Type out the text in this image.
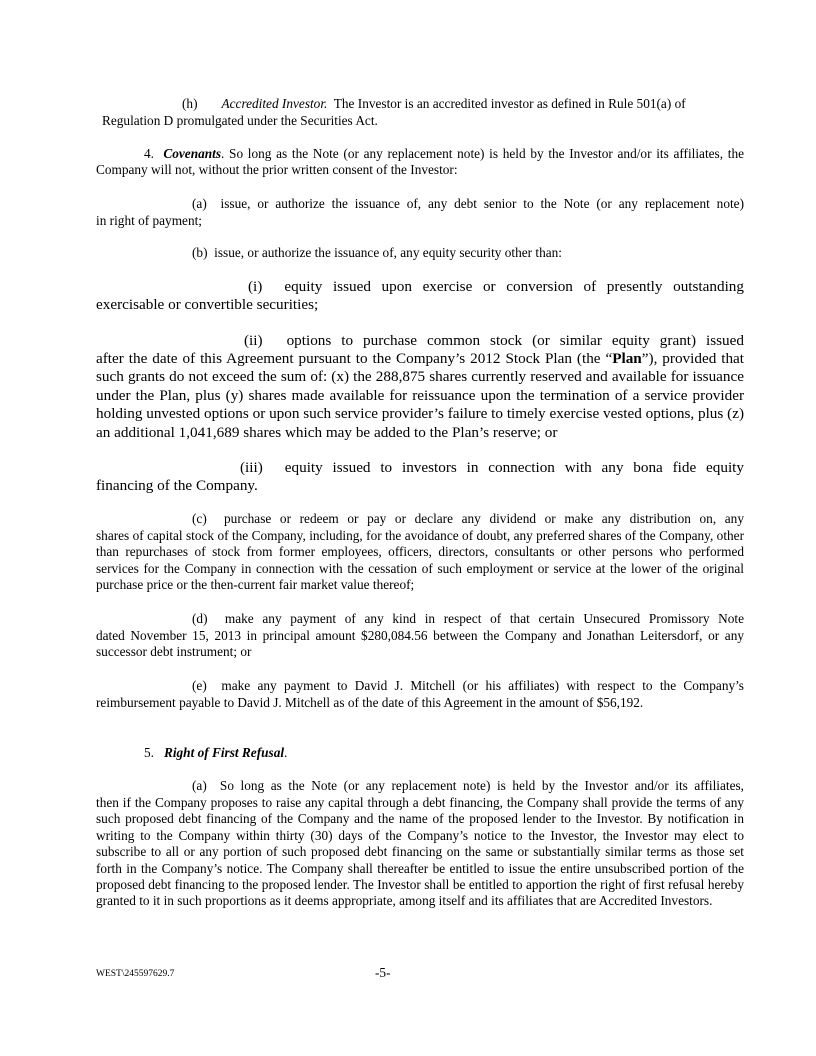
(h) Accredited Investor. The Investor is an accredited investor as defined in Rule 501(a) of
Regulation D promulgated under the Securities Act.
4. Covenants. So long as the Note (or any replacement note) is held by the Investor and/or its affiliates, the Company will not, without the prior written consent of the Investor:
(a) issue, or authorize the issuance of, any debt senior to the Note (or any replacement note)
in right of payment;
(b) issue, or authorize the issuance of, any equity security other than:
(i) equity issued upon exercise or conversion of presently outstanding
exercisable or convertible securities;
(ii) options to purchase common stock (or similar equity grant) issued
after the date of this Agreement pursuant to the Company’s 2012 Stock Plan (the “Plan”), provided that such grants do not exceed the sum of: (x) the 288,875 shares currently reserved and available for issuance under the Plan, plus (y) shares made available for reissuance upon the termination of a service provider holding unvested options or upon such service provider’s failure to timely exercise vested options, plus (z) an additional 1,041,689 shares which may be added to the Plan’s reserve; or
(iii) equity issued to investors in connection with any bona fide equity
financing of the Company.
(c) purchase or redeem or pay or declare any dividend or make any distribution on, any
shares of capital stock of the Company, including, for the avoidance of doubt, any preferred shares of the Company, other than repurchases of stock from former employees, officers, directors, consultants or other persons who performed services for the Company in connection with the cessation of such employment or service at the lower of the original purchase price or the then-current fair market value thereof;
(d) make any payment of any kind in respect of that certain Unsecured Promissory Note
dated November 15, 2013 in principal amount $280,084.56 between the Company and Jonathan Leitersdorf, or any successor debt instrument; or
(e) make any payment to David J. Mitchell (or his affiliates) with respect to the Company’s
reimbursement payable to David J. Mitchell as of the date of this Agreement in the amount of $56,192.
5. Right of First Refusal.
(a) So long as the Note (or any replacement note) is held by the Investor and/or its affiliates,
then if the Company proposes to raise any capital through a debt financing, the Company shall provide the terms of any such proposed debt financing of the Company and the name of the proposed lender to the Investor. By notification in writing to the Company within thirty (30) days of the Company’s notice to the Investor, the Investor may elect to subscribe to all or any portion of such proposed debt financing on the same or substantially similar terms as those set forth in the Company’s notice. The Company shall thereafter be entitled to issue the entire unsubscribed portion of the proposed debt financing to the proposed lender. The Investor shall be entitled to apportion the right of first refusal hereby granted to it in such proportions as it deems appropriate, among itself and its affiliates that are Accredited Investors.
WEST\245597629.7	-5-
